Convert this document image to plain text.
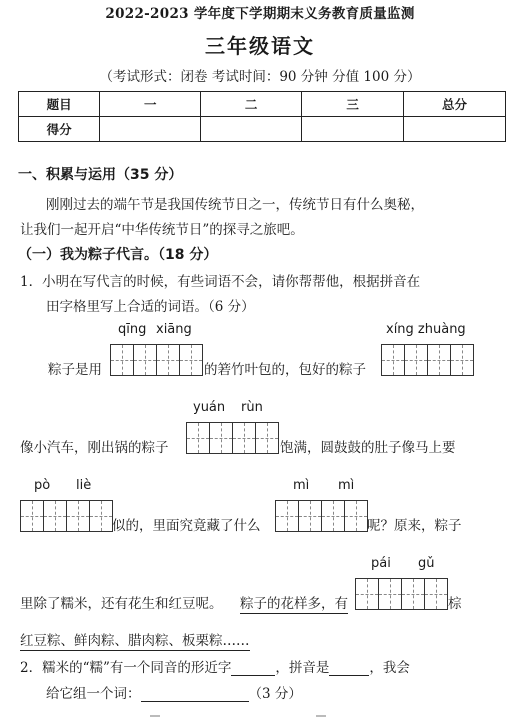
2022-2023 学年度下学期期末义务教育质量监测
三年级语文
（考试形式：闭卷 考试时间：90 分钟 分值 100 分）
题目	一	二	三	总分
得分				
一、积累与运用（35 分）
刚刚过去的端午节是我国传统节日之一，传统节日有什么奥秘，
让我们一起开启“中华传统节日”的探寻之旅吧。
（一）我为粽子代言。（18 分）
1．小明在写代言的时候，有些词语不会，请你帮帮他，根据拼音在
田字格里写上合适的词语。（6 分）
qīng xiāng	xíng zhuàng
粽子是用	的箬竹叶包的，包好的粽子
yuán rùn
像小汽车，刚出锅的粽子	饱满，圆鼓鼓的肚子像马上要
pò liè	mì mì
似的，里面究竟藏了什么	呢？原来，粽子
pái gǔ
里除了糯米，还有花生和红豆呢。 粽子的花样多，有	棕
红豆粽、鲜肉粽、腊肉粽、板栗粽……
2．糯米的“糯”有一个同音的形近字	，拼音是	，我会
给它组一个词：	（3 分）
